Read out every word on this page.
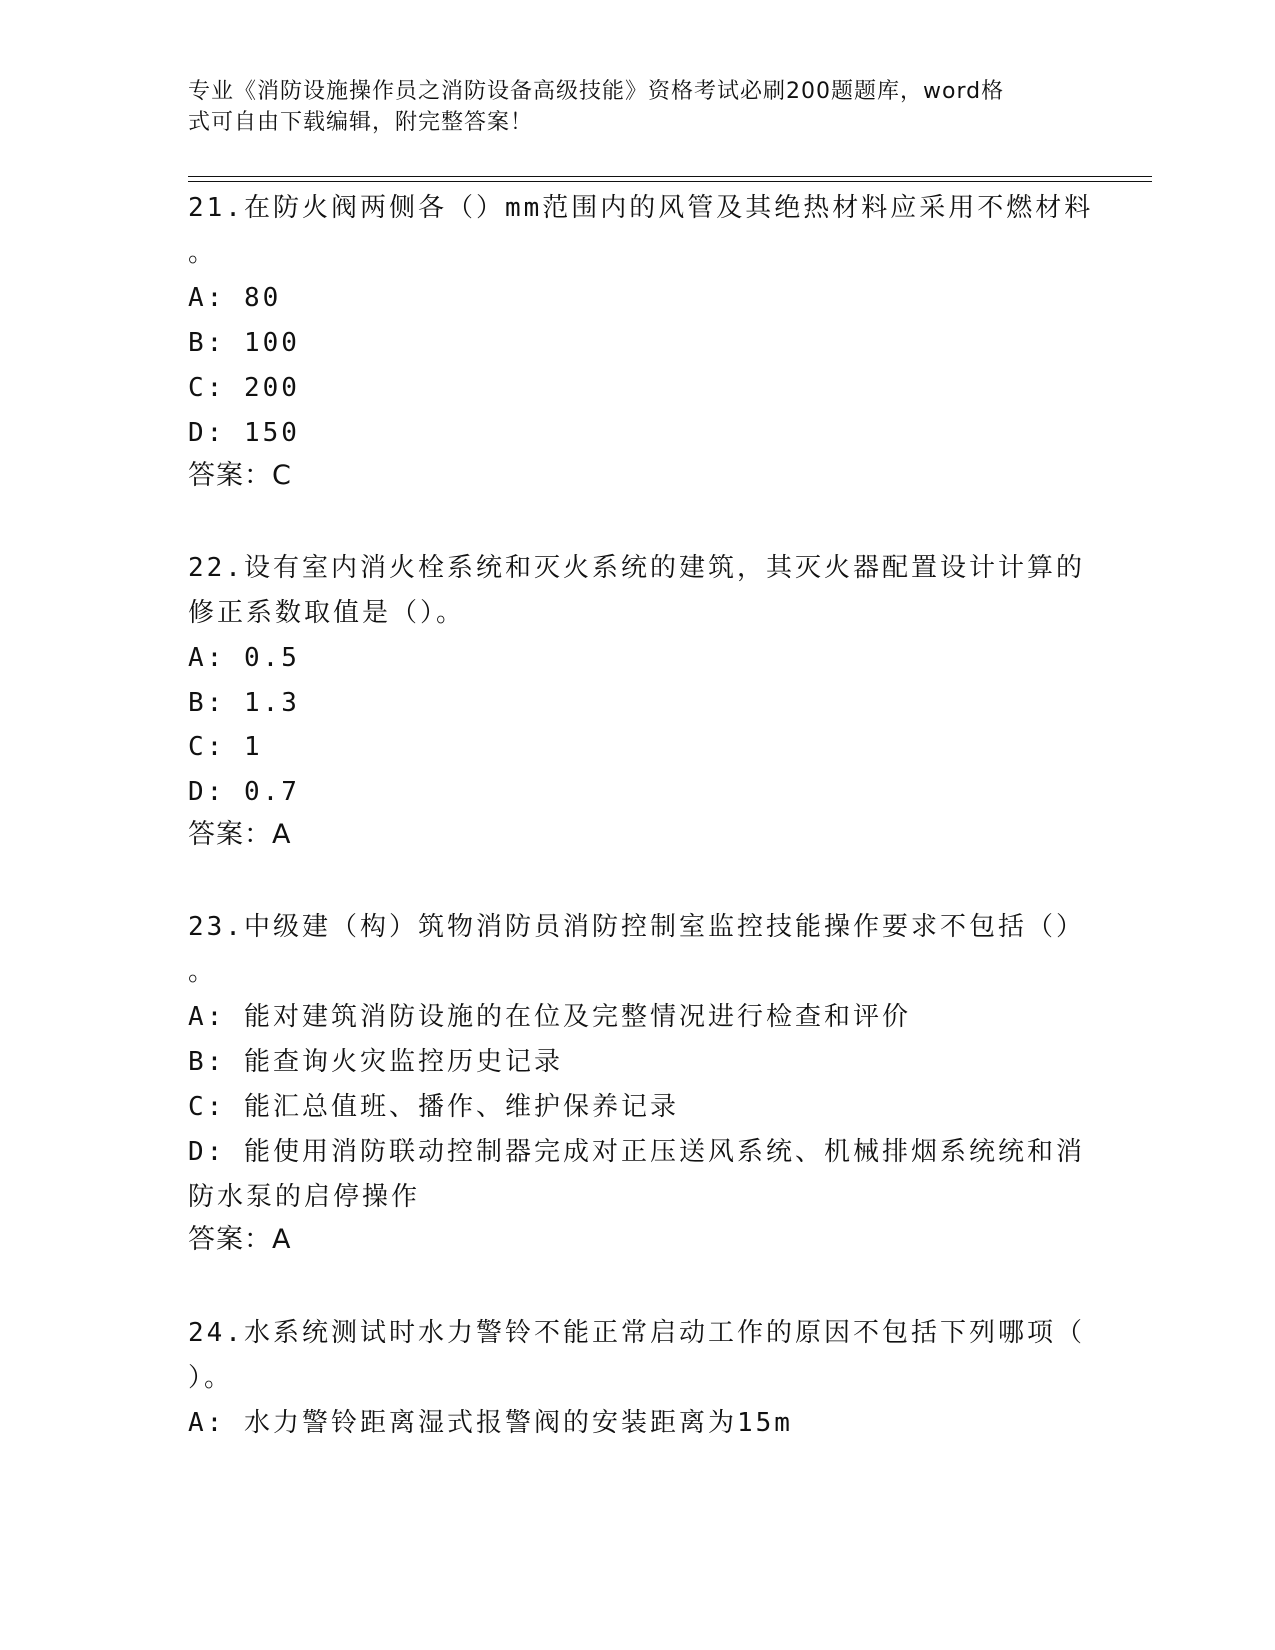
专业《消防设施操作员之消防设备高级技能》资格考试必刷200题题库，word格
式可自由下载编辑，附完整答案！
21.在防火阀两侧各（）mm范围内的风管及其绝热材料应采用不燃材料
。
A: 80
B: 100
C: 200
D: 150
答案：C
22.设有室内消火栓系统和灭火系统的建筑，其灭火器配置设计计算的
修正系数取值是（）。
A: 0.5
B: 1.3
C: 1
D: 0.7
答案：A
23.中级建（构）筑物消防员消防控制室监控技能操作要求不包括（）
。
A: 能对建筑消防设施的在位及完整情况进行检查和评价
B: 能查询火灾监控历史记录
C: 能汇总值班、播作、维护保养记录
D: 能使用消防联动控制器完成对正压送风系统、机械排烟系统统和消
防水泵的启停操作
答案：A
24.水系统测试时水力警铃不能正常启动工作的原因不包括下列哪项（
）。
A: 水力警铃距离湿式报警阀的安装距离为15m
